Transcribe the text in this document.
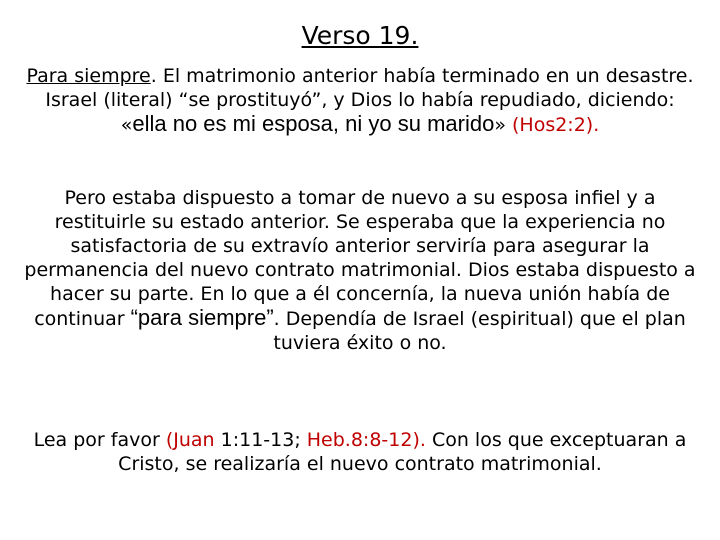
Verso 19.
Para siempre. El matrimonio anterior había terminado en un desastre. Israel (literal) “se prostituyó”, y Dios lo había repudiado, diciendo: «ella no es mi esposa, ni yo su marido» (Hos2:2).
Pero estaba dispuesto a tomar de nuevo a su esposa infiel y a restituirle su estado anterior. Se esperaba que la experiencia no satisfactoria de su extravío anterior serviría para asegurar la permanencia del nuevo contrato matrimonial. Dios estaba dispuesto a hacer su parte. En lo que a él concernía, la nueva unión había de continuar “para siempre”. Dependía de Israel (espiritual) que el plan tuviera éxito o no.
Lea por favor (Juan 1:11-13; Heb.8:8-12). Con los que exceptuaran a Cristo, se realizaría el nuevo contrato matrimonial.
